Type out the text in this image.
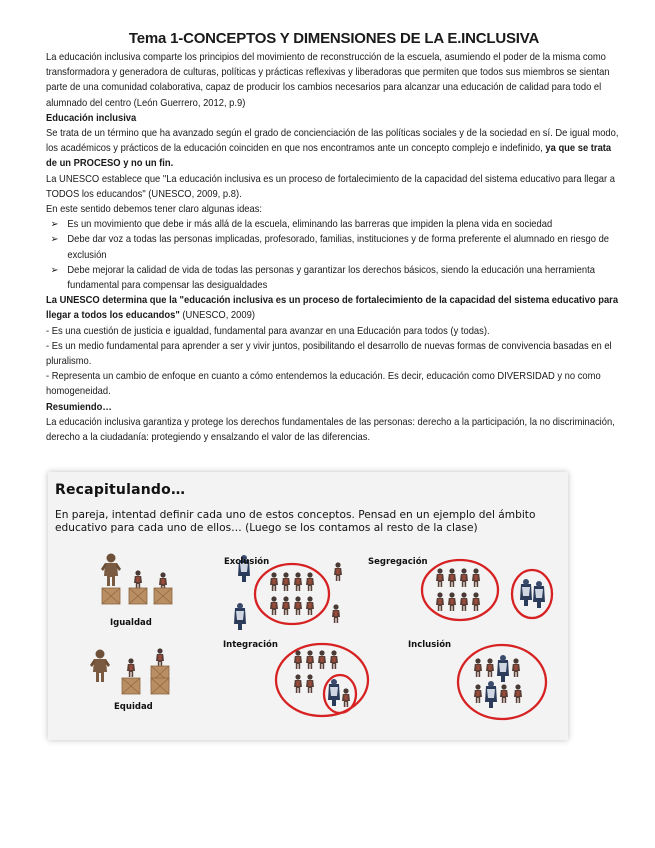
Tema 1-CONCEPTOS Y DIMENSIONES DE LA E.INCLUSIVA

La educación inclusiva comparte los principios del movimiento de reconstrucción de la escuela, asumiendo el poder de la misma como transformadora y generadora de culturas, políticas y prácticas reflexivas y liberadoras que permiten que todos sus miembros se sientan parte de una comunidad colaborativa, capaz de producir los cambios necesarios para alcanzar una educación de calidad para todo el alumnado del centro (León Guerrero, 2012, p.9)

Educación inclusiva

Se trata de un término que ha avanzado según el grado de concienciación de las políticas sociales y de la sociedad en sí. De igual modo, los académicos y prácticos de la educación coinciden en que nos encontramos ante un concepto complejo e indefinido, ya que se trata de un PROCESO y no un fin.

La UNESCO establece que "La educación inclusiva es un proceso de fortalecimiento de la capacidad del sistema educativo para llegar a TODOS los educandos" (UNESCO, 2009, p.8).

En este sentido debemos tener claro algunas ideas:

➢ Es un movimiento que debe ir más allá de la escuela, eliminando las barreras que impiden la plena vida en sociedad
➢ Debe dar voz a todas las personas implicadas, profesorado, familias, instituciones y de forma preferente el alumnado en riesgo de exclusión
➢ Debe mejorar la calidad de vida de todas las personas y garantizar los derechos básicos, siendo la educación una herramienta fundamental para compensar las desigualdades

La UNESCO determina que la "educación inclusiva es un proceso de fortalecimiento de la capacidad del sistema educativo para llegar a todos los educandos" (UNESCO, 2009)

- Es una cuestión de justicia e igualdad, fundamental para avanzar en una Educación para todos (y todas).

- Es un medio fundamental para aprender a ser y vivir juntos, posibilitando el desarrollo de nuevas formas de convivencia basadas en el pluralismo.

- Representa un cambio de enfoque en cuanto a cómo entendemos la educación. Es decir, educación como DIVERSIDAD y no como homogeneidad.

Resumiendo…

La educación inclusiva garantiza y protege los derechos fundamentales de las personas: derecho a la participación, la no discriminación, derecho a la ciudadanía: protegiendo y ensalzando el valor de las diferencias.

Recapitulando…
En pareja, intentad definir cada uno de estos conceptos. Pensad en un ejemplo del ámbito educativo para cada uno de ellos… (Luego se los contamos al resto de la clase)
Igualdad
Equidad
Exclusión	Segregación
Integración	Inclusión
